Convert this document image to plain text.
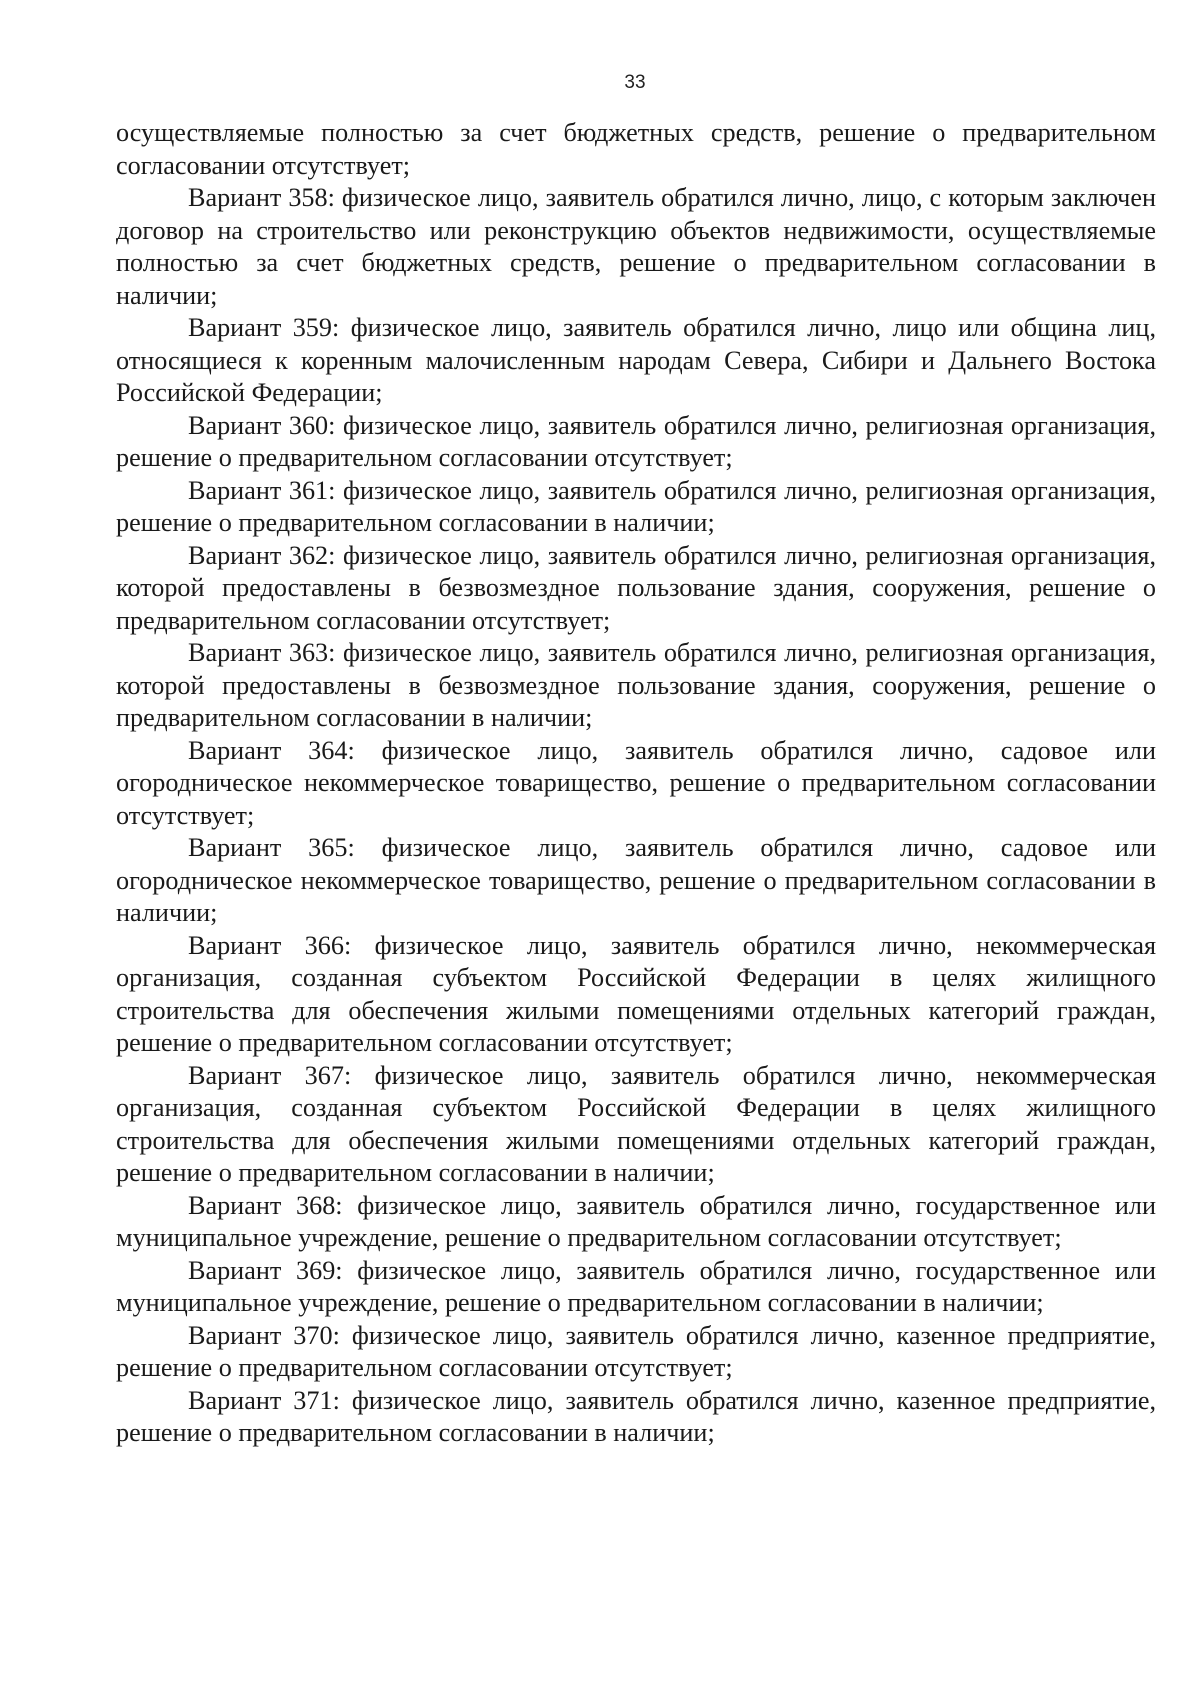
33

осуществляемые полностью за счет бюджетных средств, решение о предварительном согласовании отсутствует;

Вариант 358: физическое лицо, заявитель обратился лично, лицо, с которым заключен договор на строительство или реконструкцию объектов недвижимости, осуществляемые полностью за счет бюджетных средств, решение о предварительном согласовании в наличии;

Вариант 359: физическое лицо, заявитель обратился лично, лицо или община лиц, относящиеся к коренным малочисленным народам Севера, Сибири и Дальнего Востока Российской Федерации;

Вариант 360: физическое лицо, заявитель обратился лично, религиозная организация, решение о предварительном согласовании отсутствует;

Вариант 361: физическое лицо, заявитель обратился лично, религиозная организация, решение о предварительном согласовании в наличии;

Вариант 362: физическое лицо, заявитель обратился лично, религиозная организация, которой предоставлены в безвозмездное пользование здания, сооружения, решение о предварительном согласовании отсутствует;

Вариант 363: физическое лицо, заявитель обратился лично, религиозная организация, которой предоставлены в безвозмездное пользование здания, сооружения, решение о предварительном согласовании в наличии;

Вариант 364: физическое лицо, заявитель обратился лично, садовое или огородническое некоммерческое товарищество, решение о предварительном согласовании отсутствует;

Вариант 365: физическое лицо, заявитель обратился лично, садовое или огородническое некоммерческое товарищество, решение о предварительном согласовании в наличии;

Вариант 366: физическое лицо, заявитель обратился лично, некоммерческая организация, созданная субъектом Российской Федерации в целях жилищного строительства для обеспечения жилыми помещениями отдельных категорий граждан, решение о предварительном согласовании отсутствует;

Вариант 367: физическое лицо, заявитель обратился лично, некоммерческая организация, созданная субъектом Российской Федерации в целях жилищного строительства для обеспечения жилыми помещениями отдельных категорий граждан, решение о предварительном согласовании в наличии;

Вариант 368: физическое лицо, заявитель обратился лично, государственное или муниципальное учреждение, решение о предварительном согласовании отсутствует;

Вариант 369: физическое лицо, заявитель обратился лично, государственное или муниципальное учреждение, решение о предварительном согласовании в наличии;

Вариант 370: физическое лицо, заявитель обратился лично, казенное предприятие, решение о предварительном согласовании отсутствует;

Вариант 371: физическое лицо, заявитель обратился лично, казенное предприятие, решение о предварительном согласовании в наличии;
